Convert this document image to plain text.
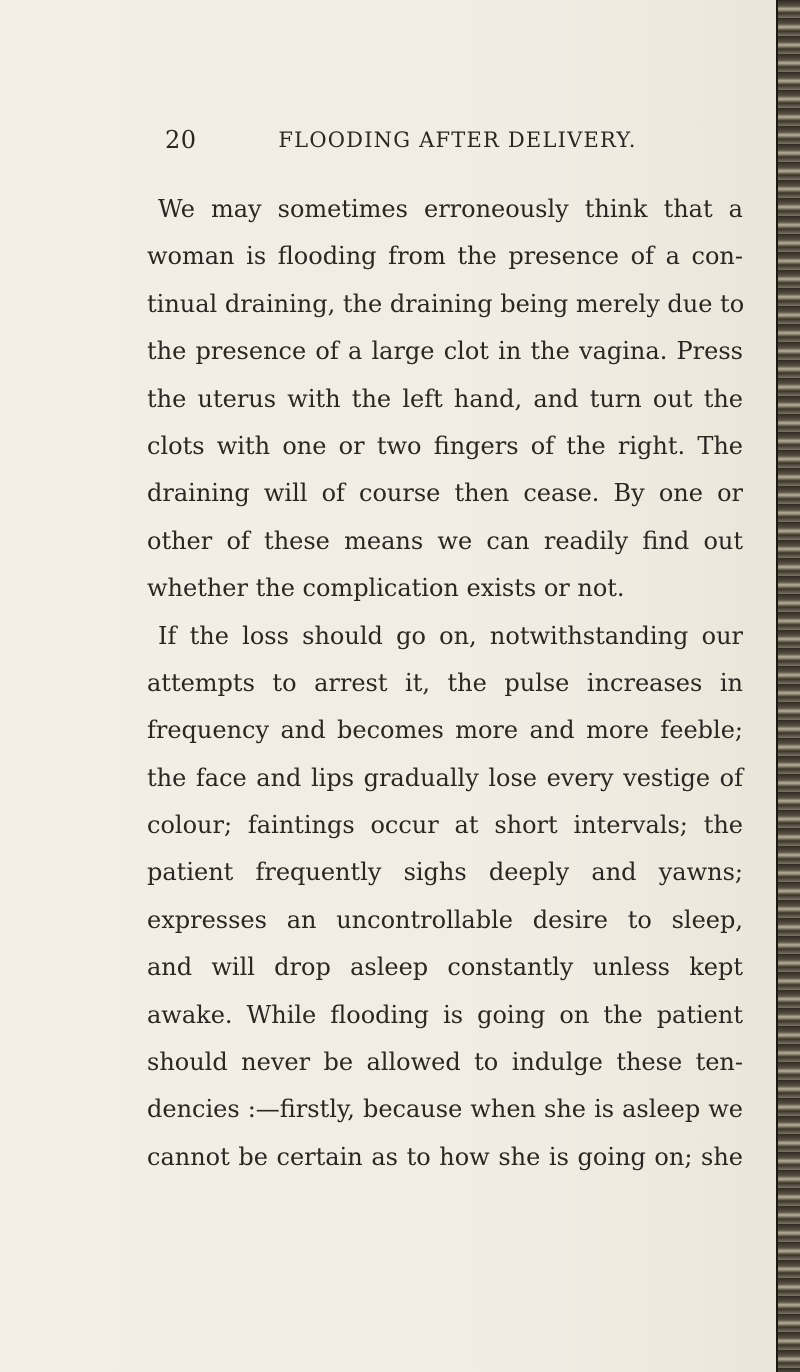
20	FLOODING AFTER DELIVERY.
We may sometimes erroneously think that a
woman is flooding from the presence of a con-
tinual draining, the draining being merely due to
the presence of a large clot in the vagina. Press
the uterus with the left hand, and turn out the
clots with one or two fingers of the right. The
draining will of course then cease. By one or
other of these means we can readily find out
whether the complication exists or not.
If the loss should go on, notwithstanding our
attempts to arrest it, the pulse increases in
frequency and becomes more and more feeble;
the face and lips gradually lose every vestige of
colour; faintings occur at short intervals; the
patient frequently sighs deeply and yawns;
expresses an uncontrollable desire to sleep,
and will drop asleep constantly unless kept
awake. While flooding is going on the patient
should never be allowed to indulge these ten-
dencies :—firstly, because when she is asleep we
cannot be certain as to how she is going on; she
